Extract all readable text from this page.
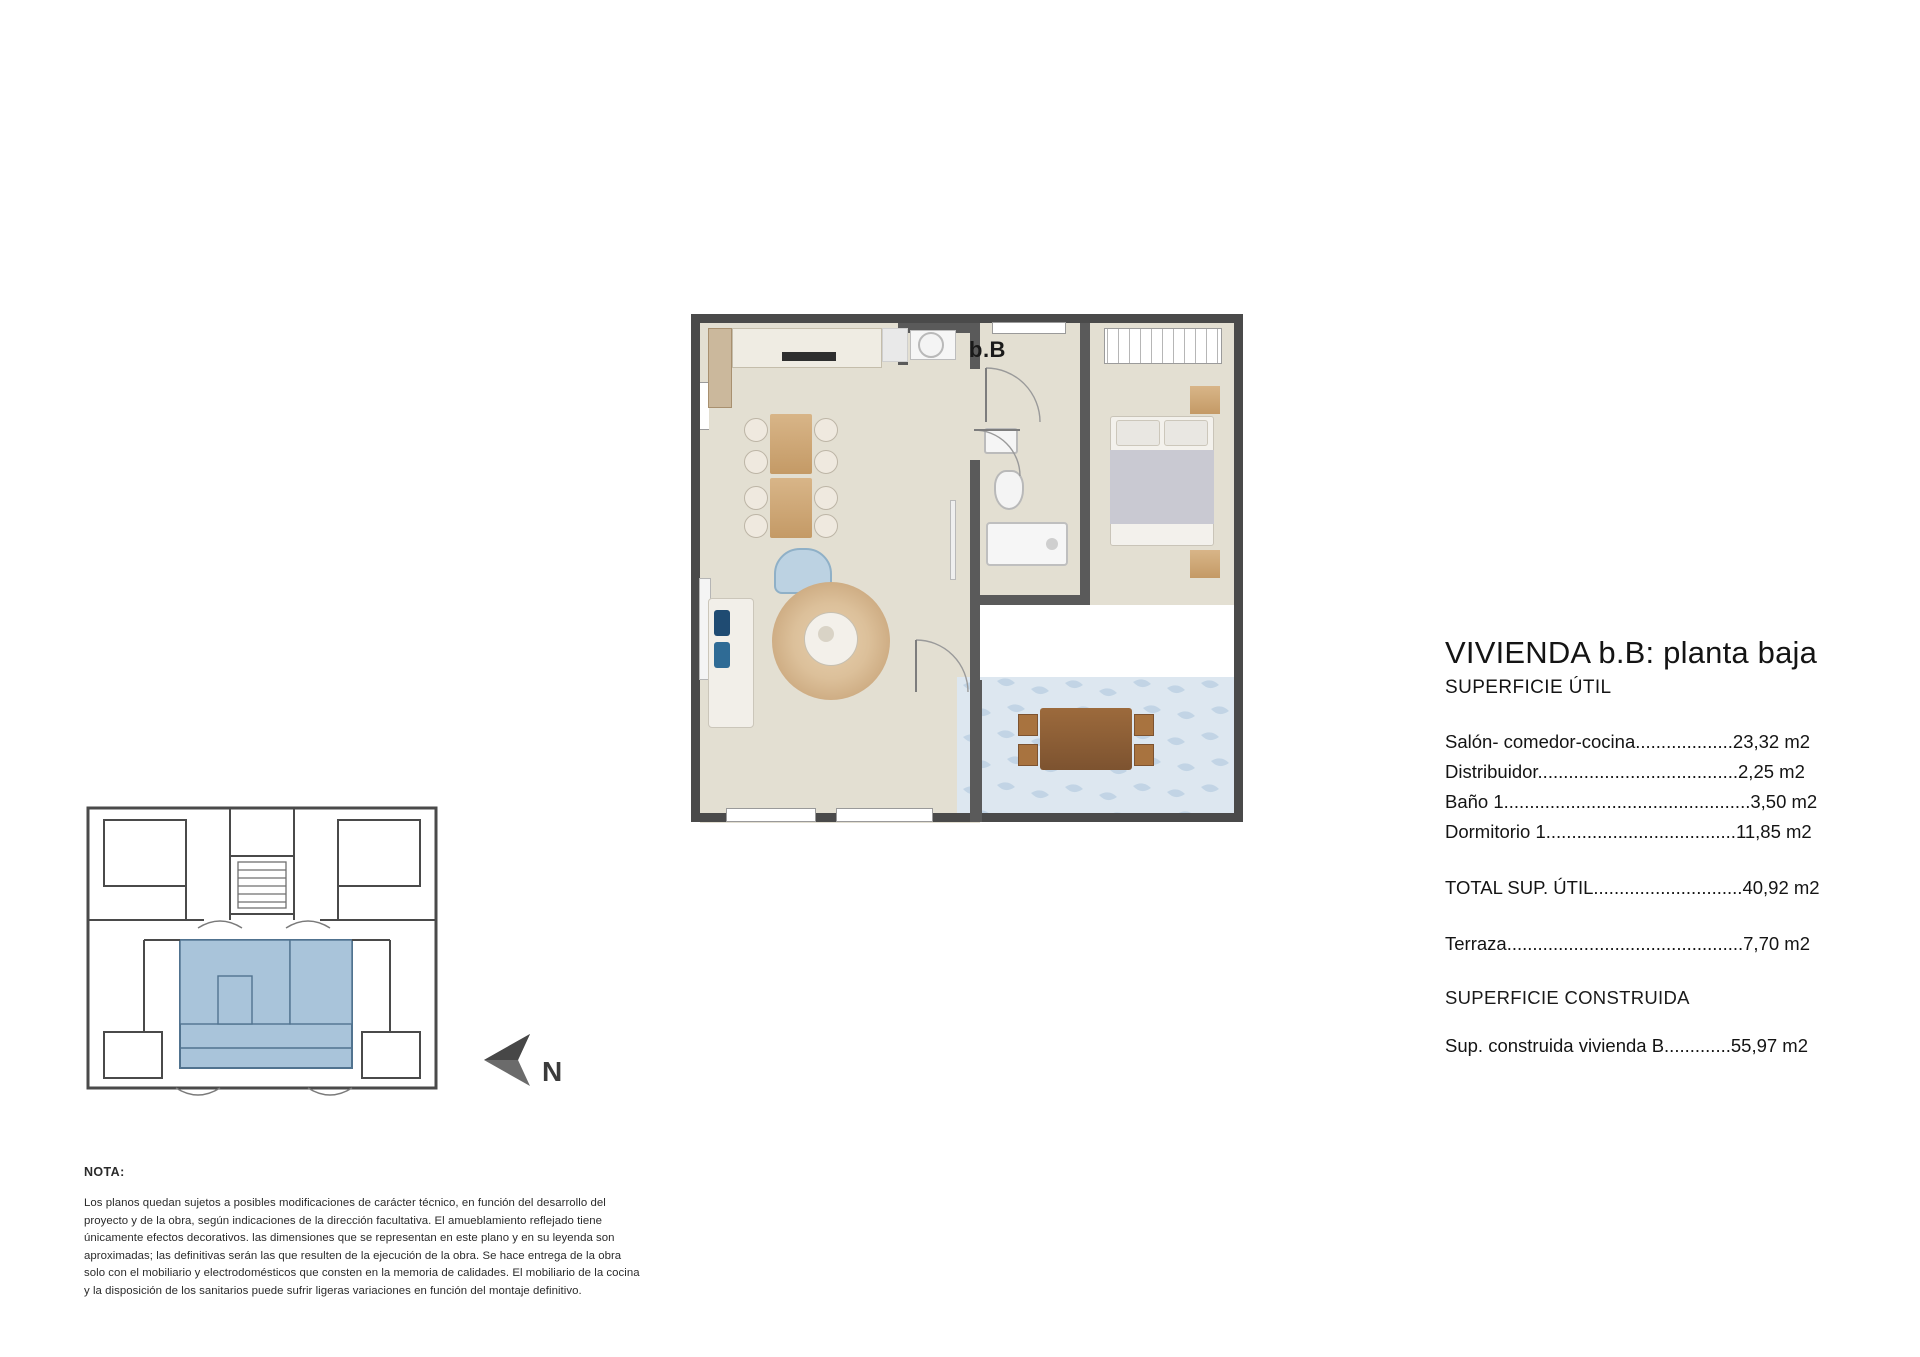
b.B
VIVIENDA b.B: planta baja
SUPERFICIE ÚTIL
Salón- comedor-cocina...................23,32 m2
Distribuidor.......................................2,25 m2
Baño 1................................................3,50 m2
Dormitorio 1.....................................11,85 m2
TOTAL SUP. ÚTIL.............................40,92 m2
Terraza..............................................7,70 m2
SUPERFICIE CONSTRUIDA
Sup. construida vivienda B.............55,97 m2
N
NOTA:
Los planos quedan sujetos a posibles modificaciones de carácter técnico, en función del desarrollo del proyecto y de la obra, según indicaciones de la dirección facultativa. El amueblamiento reflejado tiene únicamente efectos decorativos. las dimensiones que se representan en este plano y en su leyenda son aproximadas; las definitivas serán las que resulten de la ejecución de la obra. Se hace entrega de la obra solo con el mobiliario y electrodomésticos que consten en la memoria de calidades. El mobiliario de la cocina y la disposición de los sanitarios puede sufrir ligeras variaciones en función del montaje definitivo.
